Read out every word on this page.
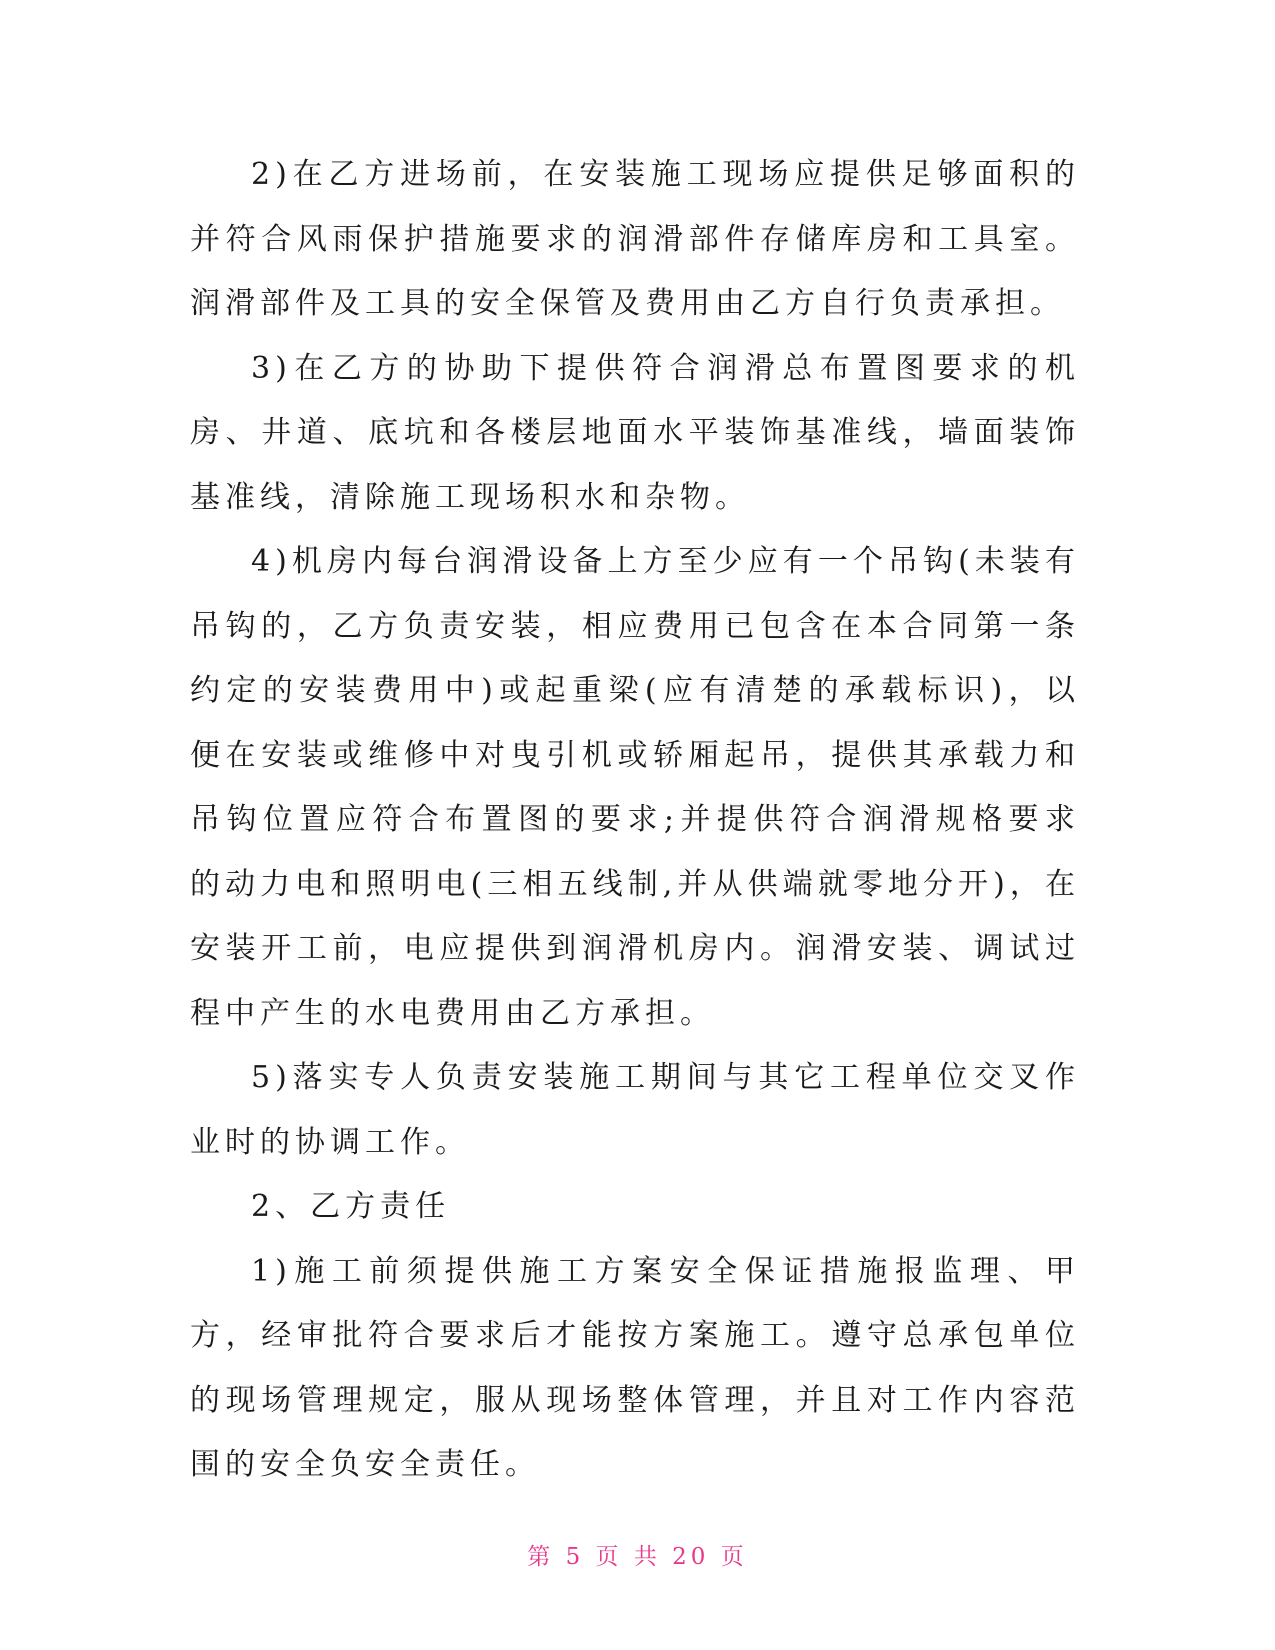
2)在乙方进场前，在安装施工现场应提供足够面积的并符合风雨保护措施要求的润滑部件存储库房和工具室。润滑部件及工具的安全保管及费用由乙方自行负责承担。

3)在乙方的协助下提供符合润滑总布置图要求的机房、井道、底坑和各楼层地面水平装饰基准线，墙面装饰基准线，清除施工现场积水和杂物。

4)机房内每台润滑设备上方至少应有一个吊钩(未装有吊钩的，乙方负责安装，相应费用已包含在本合同第一条约定的安装费用中)或起重梁(应有清楚的承载标识)，以便在安装或维修中对曳引机或轿厢起吊，提供其承载力和吊钩位置应符合布置图的要求;并提供符合润滑规格要求的动力电和照明电(三相五线制,并从供端就零地分开)，在安装开工前，电应提供到润滑机房内。润滑安装、调试过程中产生的水电费用由乙方承担。

5)落实专人负责安装施工期间与其它工程单位交叉作业时的协调工作。

2、乙方责任

1)施工前须提供施工方案安全保证措施报监理、甲方，经审批符合要求后才能按方案施工。遵守总承包单位的现场管理规定，服从现场整体管理，并且对工作内容范围的安全负安全责任。

第 5 页 共 20 页
